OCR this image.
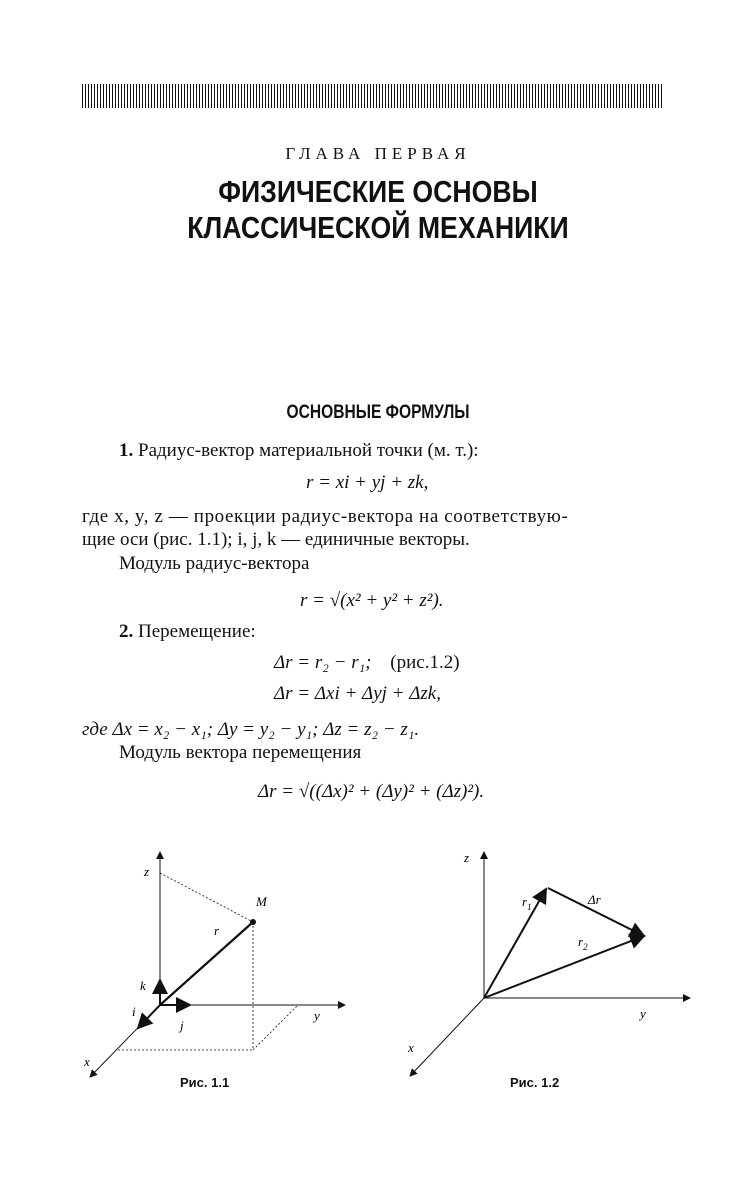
ГЛАВА ПЕРВАЯ
ФИЗИЧЕСКИЕ ОСНОВЫ
КЛАССИЧЕСКОЙ МЕХАНИКИ
ОСНОВНЫЕ ФОРМУЛЫ
1. Радиус-вектор материальной точки (м. т.):
r = xi + yj + zk,
где x, y, z — проекции радиус-вектора на соответствую-
щие оси (рис. 1.1); i, j, k — единичные векторы.
Модуль радиус-вектора
r = √(x² + y² + z²).
2. Перемещение:
Δr = r₂ − r₁; (рис.1.2)
Δr = Δxi + Δyj + Δzk,
где Δx = x₂ − x₁; Δy = y₂ − y₁; Δz = z₂ − z₁.
Модуль вектора перемещения
Δr = √((Δx)² + (Δy)² + (Δz)²).
z
M
r
k
i
j
y
x
Рис. 1.1
z
$r_1$	Δr
$r_2$
y
x
Рис. 1.2
